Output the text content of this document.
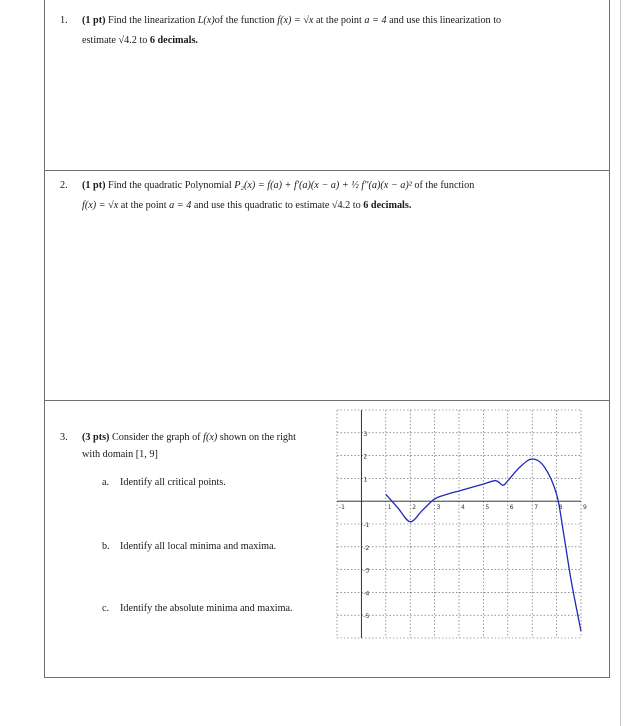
1. (1 pt) Find the linearization L(x)of the function f(x) = √x at the point a = 4 and use this linearization to
estimate √4.2 to 6 decimals.
2. (1 pt) Find the quadratic Polynomial P₂(x) = f(a) + f′(a)(x − a) + ½ f″(a)(x − a)² of the function
f(x) = √x at the point a = 4 and use this quadratic to estimate √4.2 to 6 decimals.
3. (3 pts) Consider the graph of f(x) shown on the right
with domain [1, 9]
a. Identify all critical points.
b. Identify all local minima and maxima.
c. Identify the absolute minima and maxima.
-1	1	2	3	4	5	6	7	8	9
3
2
1
-1
-2
-3
-4
-5
